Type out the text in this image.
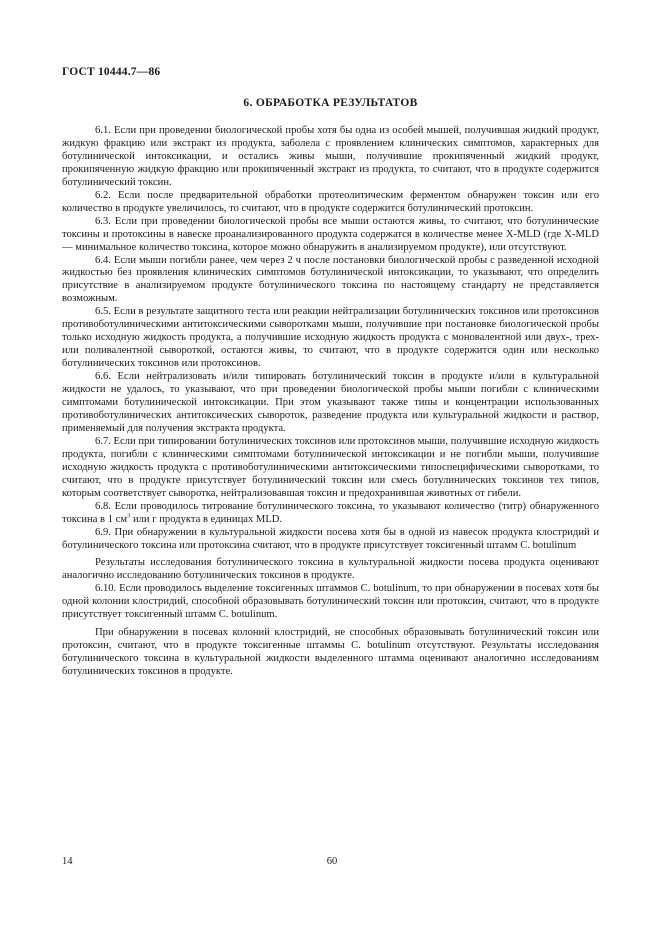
ГОСТ 10444.7—86
6. ОБРАБОТКА РЕЗУЛЬТАТОВ

6.1. Если при проведении биологической пробы хотя бы одна из особей мышей, получившая жидкий продукт, жидкую фракцию или экстракт из продукта, заболела с проявлением клинических симптомов, характерных для ботулинической интоксикации, и остались живы мыши, получившие прокипяченный жидкий продукт, прокипяченную жидкую фракцию или прокипяченный экстракт из продукта, то считают, что в продукте содержится ботулинический токсин.

6.2. Если после предварительной обработки протеолитическим ферментом обнаружен токсин или его количество в продукте увеличилось, то считают, что в продукте содержится ботулинический протоксин.

6.3. Если при проведении биологической пробы все мыши остаются живы, то считают, что ботулинические токсины и протоксины в навеске проанализированного продукта содержатся в количестве менее X-MLD (где X-MLD — минимальное количество токсина, которое можно обнаружить в анализируемом продукте), или отсутствуют.

6.4. Если мыши погибли ранее, чем через 2 ч после постановки биологической пробы с разведенной исходной жидкостью без проявления клинических симптомов ботулинической интоксикации, то указывают, что определить присутствие в анализируемом продукте ботулинического токсина по настоящему стандарту не представляется возможным.

6.5. Если в результате защитного теста или реакции нейтрализации ботулинических токсинов или протоксинов противоботулиническими антитоксическими сыворотками мыши, получившие при постановке биологической пробы только исходную жидкость продукта, а получившие исходную жидкость продукта с моновалентной или двух-, трех- или поливалентной сывороткой, остаются живы, то считают, что в продукте содержится один или несколько ботулинических токсинов или протоксинов.

6.6. Если нейтрализовать и/или типировать ботулинический токсин в продукте и/или в культуральной жидкости не удалось, то указывают, что при проведении биологической пробы мыши погибли с клиническими симптомами ботулинической интоксикации. При этом указывают также типы и концентрации использованных противоботулинических антитоксических сывороток, разведение продукта или культуральной жидкости и раствор, применяемый для получения экстракта продукта.

6.7. Если при типировании ботулинических токсинов или протоксинов мыши, получившие исходную жидкость продукта, погибли с клиническими симптомами ботулинической интоксикации и не погибли мыши, получившие исходную жидкость продукта с противоботулиническими антитоксическими типоспецифическими сыворотками, то считают, что в продукте присутствует ботулинический токсин или смесь ботулинических токсинов тех типов, которым соответствует сыворотка, нейтрализовавшая токсин и предохранившая животных от гибели.

6.8. Если проводилось титрование ботулинического токсина, то указывают количество (титр) обнаруженного токсина в 1 $см^3$ или г продукта в единицах MLD.

6.9. При обнаружении в культуральной жидкости посева хотя бы в одной из навесок продукта клостридий и ботулинического токсина или протоксина считают, что в продукте присутствует токсигенный штамм C. botulinum

Результаты исследования ботулинического токсина в культуральной жидкости посева продукта оценивают аналогично исследованию ботулинических токсинов в продукте.

6.10. Если проводилось выделение токсигенных штаммов C. botulinum, то при обнаружении в посевах хотя бы одной колонии клостридий, способной образовывать ботулинический токсин или протоксин, считают, что в продукте присутствует токсигенный штамм C. botulinum.

При обнаружении в посевах колоний клостридий, не способных образовывать ботулинический токсин или протоксин, считают, что в продукте токсигенные штаммы C. botulinum отсутствуют. Результаты исследования ботулинического токсина в культуральной жидкости выделенного штамма оценивают аналогично исследованиям ботулинических токсинов в продукте.

14	60
